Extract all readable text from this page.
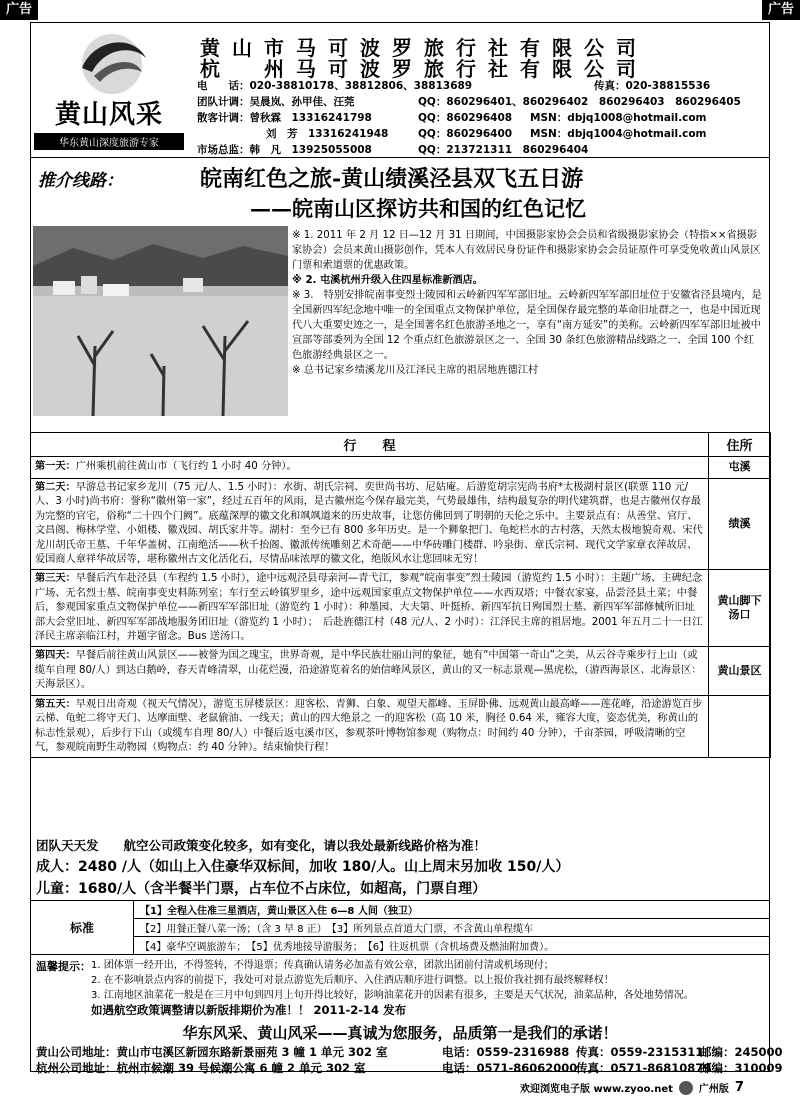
广告	广告
黄山风采
华东黄山深度旅游专家
黄山市马可波罗旅行社有限公司
杭　州马可波罗旅行社有限公司
电　　话：020-38810178、38812806、38813689	传真：020-38815536
团队计调：吴晨岚、孙甲佳、汪莞	QQ：860296401、860296402　860296403　860296405
散客计调：曾秋霖　13316241798	QQ：860296408 MSN：dbjq1008@hotmail.com
刘　芳　13316241948	QQ：860296400 MSN：dbjq1004@hotmail.com
市场总监：韩　凡　13925055008	QQ：213721311　860296404
推介线路：	皖南红色之旅-黄山绩溪泾县双飞五日游
——皖南山区探访共和国的红色记忆

※ 1. 2011 年 2 月 12 日—12 月 31 日期间，中国摄影家协会会员和省级摄影家协会（特指××省摄影家协会）会员来黄山摄影创作，凭本人有效居民身份证件和摄影家协会会员证原件可享受免收黄山风景区门票和索道票的优惠政策。

※ 2. 屯溪杭州升级入住四星标准新酒店。

※ 3.　特别安排皖南事变烈士陵园和云岭新四军军部旧址。云岭新四军军部旧址位于安徽省泾县境内，是全国新四军纪念地中唯一的全国重点文物保护单位，是全国保存最完整的革命旧址群之一，也是中国近现代八大重要史迹之一，是全国著名红色旅游圣地之一，享有“南方延安”的美称。云岭新四军军部旧址被中宣部等部委列为全国 12 个重点红色旅游景区之一、全国 30 条红色旅游精品线路之一、全国 100 个红色旅游经典景区之一。

※ 总书记家乡绩溪龙川及江泽民主席的祖居地旌德江村

行　　程	住所
第一天：广州乘机前往黄山市（飞行约 1 小时 40 分钟）。	屯溪
第二天：早游总书记家乡龙川（75 元/人、1.5 小时）：水街、胡氏宗祠、奕世尚书坊、尼姑庵。后游览胡宗宪尚书府*太极湖村景区(联票 110 元/人、3 小时)尚书府：誉称“徽州第一家”，经过五百年的风雨，是古徽州迄今保存最完美，气势最雄伟，结构最复杂的明代建筑群，也是古徽州仅存最为完整的官宅，俗称“二十四个门阙”。底蕴深厚的徽文化和飒飒道来的历史故事，让您仿佛回到了明朝的天伦之乐中。主要景点有：从善堂、官厅、文昌阁、梅林学堂、小姐楼、徽戏园、胡氏家井等。湖村：至今已有 800 多年历史。是一个狮象把门、龟蛇栏水的古村落，天然太极地貌奇观、宋代龙川胡氏帝王墓、千年华盖树、江南绝活——秋千抬阁、徽派传统雕刻艺术奇葩——中华砖雕门楼群、吟泉街、章氏宗祠、现代文学家章衣萍故居、爱国商人章祥华故居等，堪称徽州古文化活化石，尽情品味浓厚的徽文化，绝版风水让您回味无穷！	绩溪
第三天：早餐后汽车赴泾县（车程约 1.5 小时），途中远观泾县母亲河—青弋江，参观“皖南事变”烈士陵园（游览约 1.5 小时）：主题广场、主碑纪念广场、无名烈士墓、皖南事变史料陈列室；车行至云岭镇罗里乡，途中远观国家重点文物保护单位——水西双塔；中餐农家宴，品尝泾县土菜；中餐后，参观国家重点文物保护单位——新四军军部旧址（游览约 1 小时）：种墨园、大夫第、叶挺桥、新四军抗日殉国烈士墓、新四军军部修械所旧址部大会堂旧址、新四军军部战地服务团旧址（游览约 1 小时）；　后赴旌德江村（48 元/人、2 小时）：江泽民主席的祖居地。2001 年五月二十一日江泽民主席亲临江村，并题字留念。Bus 送汤口。	黄山脚下汤口
第四天：早餐后前往黄山风景区——被誉为国之瑰宝，世界奇观，是中华民族壮丽山河的象征，她有“中国第一奇山”之美，从云谷寺乘步行上山（或缆车自理 80/人）到达白鹅岭，春天青峰清翠，山花烂漫，沿途游览着名的始信峰风景区，黄山的又一标志景观—黑虎松，（游西海景区、北海景区：天海景区）。	黄山景区
第五天：早观日出奇观（视天气情况），游览玉屏楼景区：迎客松、青狮、白象、观望天都峰、玉屏卧佛、远观黄山最高峰——莲花峰，沿途游览百步云梯、龟蛇二将守天门、达摩面壁、老鼠偷油、一线天；黄山的四大绝景之 一的迎客松（高 10 米，胸径 0.64 米，雍容大度，姿态优美，称黄山的标志性景观），后步行下山（或缆车自理 80/人）中餐后返屯溪市区，参观茶叶博物馆参观（购物点：时间约 40 分钟），千亩茶园，呼吸清晰的空气，参观皖南野生动物园（购物点：约 40 分钟）。结束愉快行程！	
团队天天发　　航空公司政策变化较多，如有变化，请以我处最新线路价格为准！
成人：2480 /人（如山上入住豪华双标间，加收 180/人。山上周末另加收 150/人）
儿童：1680/人（含半餐半门票，占车位不占床位，如超高，门票自理）
标准	【1】全程入住准三星酒店，黄山景区入住 6—8 人间（独卫）
【2】用餐正餐八菜一汤；（含 3 早 8 正）　【3】所列景点首道大门票，不含黄山单程缆车
【4】豪华空调旅游车；　【5】优秀地接导游服务；　【6】往返机票（含机场费及燃油附加费）。
温馨提示： 1. 团体票一经开出，不得签转，不得退票；传真确认请务必加盖有效公章，团款出团前付清或机场现付；

2. 在不影响景点内容的前提下，我处可对景点游览先后顺序、入住酒店顺序进行调整。以上报价我社拥有最终解释权！

3. 江南地区油菜花一般是在三月中旬到四月上旬开得比较好，影响油菜花开的因素有很多，主要是天气状况，油菜品种，各处地势情况。

如遇航空政策调整请以新版排期价为准！！ 2011-2-14 发布

华东风采、黄山风采——真诚为您服务，品质第一是我们的承诺！
黄山公司地址：黄山市屯溪区新园东路新景丽苑 3 幢 1 单元 302 室	电话：0559-2316988 传真：0559-2315311
邮编：245000
杭州公司地址：杭州市候潮 39 号候潮公寓 6 幢 2 单元 302 室	电话：0571-86062000
传真：0571-86810879
邮编：310009
欢迎浏览电子版 www.zyoo.net	广州版 7
